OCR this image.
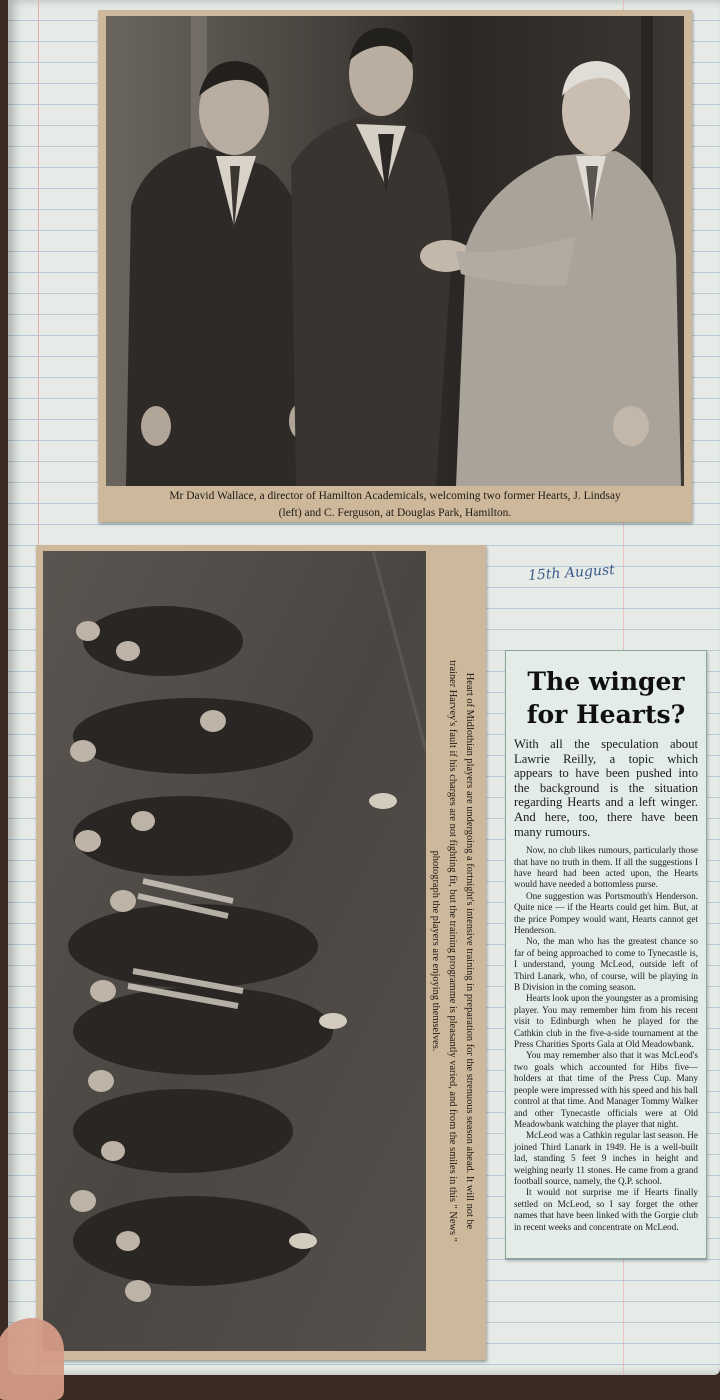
Mr David Wallace, a director of Hamilton Academicals, welcoming two former Hearts, J. Lindsay
(left) and C. Ferguson, at Douglas Park, Hamilton.
Heart of Midlothian players are undergoing a fortnight's intensive training in preparation for the strenuous season ahead. It will not be
trainer Harvey's fault if his charges are not fighting fit, but the training programme is pleasantly varied, and from the smiles in this " News "
photograph the players are enjoying themselves.
15th August
The winger
for Hearts?
With all the speculation about Lawrie Reilly, a topic which appears to have been pushed into the background is the situation regarding Hearts and a left winger. And here, too, there have been many rumours.

Now, no club likes rumours, particularly those that have no truth in them. If all the suggestions I have heard had been acted upon, the Hearts would have needed a bottomless purse.

One suggestion was Portsmouth's Henderson. Quite nice — if the Hearts could get him. But, at the price Pompey would want, Hearts cannot get Henderson.

No, the man who has the greatest chance so far of being approached to come to Tynecastle is, I understand, young McLeod, outside left of Third Lanark, who, of course, will be playing in B Division in the coming season.

Hearts look upon the youngster as a promising player. You may remember him from his recent visit to Edinburgh when he played for the Cathkin club in the five-a-side tournament at the Press Charities Sports Gala at Old Meadowbank.

You may remember also that it was McLeod's two goals which accounted for Hibs five—holders at that time of the Press Cup. Many people were impressed with his speed and his ball control at that time. And Manager Tommy Walker and other Tynecastle officials were at Old Meadowbank watching the player that night.

McLeod was a Cathkin regular last season. He joined Third Lanark in 1949. He is a well-built lad, standing 5 feet 9 inches in height and weighing nearly 11 stones. He came from a grand football source, namely, the Q.P. school.

It would not surprise me if Hearts finally settled on McLeod, so I say forget the other names that have been linked with the Gorgie club in recent weeks and concentrate on McLeod.
